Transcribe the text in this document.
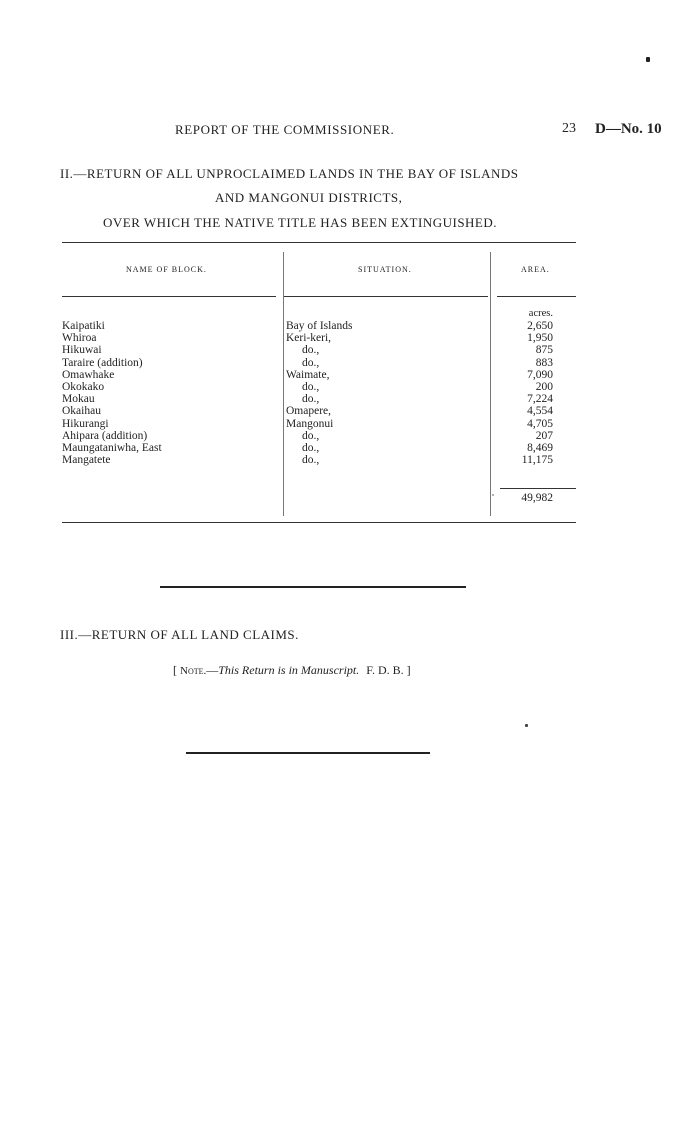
REPORT OF THE COMMISSIONER.	23 D—No. 10
II.—RETURN OF ALL UNPROCLAIMED LANDS IN THE BAY OF ISLANDS
AND MANGONUI DISTRICTS,
OVER WHICH THE NATIVE TITLE HAS BEEN EXTINGUISHED.
NAME OF BLOCK.	SITUATION.	AREA.
acres.
Kaipatiki	Bay of Islands	2,650
Whiroa	Keri-keri,	1,950
Hikuwai	do.,	875
Taraire (addition)	do.,	883
Omawhake	Waimate,	7,090
Okokako	do.,	200
Mokau	do.,	7,224
Okaihau	Omapere,	4,554
Hikurangi	Mangonui	4,705
Ahipara (addition)	do.,	207
Maungataniwha, East	do.,	8,469
Mangatete	do.,	11,175
49,982
III.—RETURN OF ALL LAND CLAIMS.
[ Note.—This Return is in Manuscript. F. D. B. ]
